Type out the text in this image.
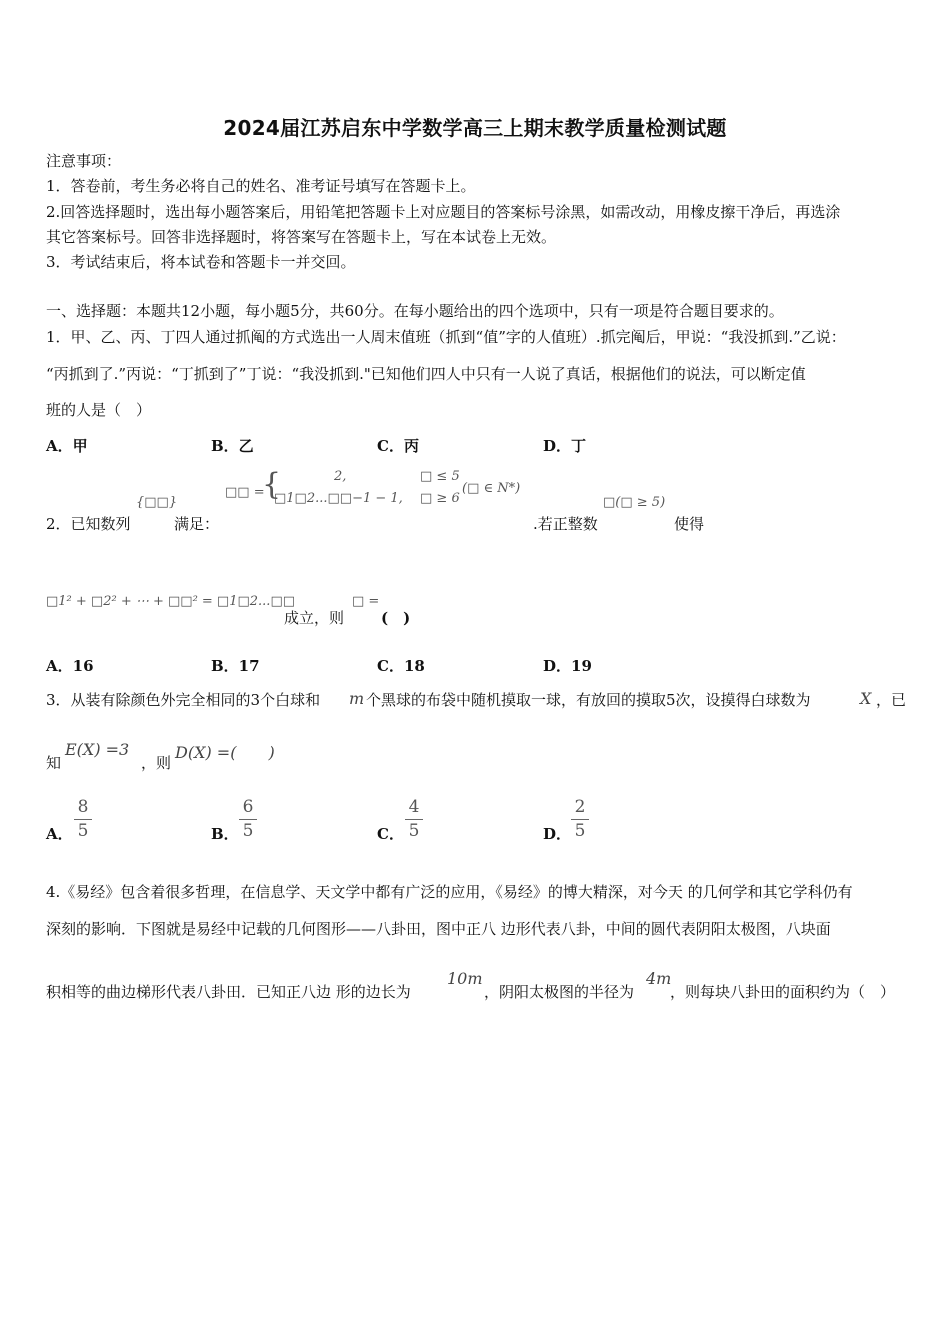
2024届江苏启东中学数学高三上期末教学质量检测试题
注意事项：
1．答卷前，考生务必将自己的姓名、准考证号填写在答题卡上。
2.回答选择题时，选出每小题答案后，用铅笔把答题卡上对应题目的答案标号涂黑，如需改动，用橡皮擦干净后，再选涂
其它答案标号。回答非选择题时，将答案写在答题卡上，写在本试卷上无效。
3．考试结束后，将本试卷和答题卡一并交回。
一、选择题：本题共12小题，每小题5分，共60分。在每小题给出的四个选项中，只有一项是符合题目要求的。
1．甲、乙、丙、丁四人通过抓阄的方式选出一人周末值班（抓到“值”字的人值班）.抓完阄后，甲说：“我没抓到.”乙说：
“丙抓到了.”丙说：“丁抓到了”丁说：“我没抓到."已知他们四人中只有一人说了真话，根据他们的说法，可以断定值
班的人是（　）
A．甲	B．乙	C．丙	D．丁
2．已知数列
{□□}
满足：
□□ =
{	2,
□1□2...□□−1 − 1,
□ ≤ 5
□ ≥ 6
(□ ∈ N*)
.若正整数
□(□ ≥ 5)
使得
□1² + □2² + ⋯ + □□² = □1□2...□□
成立，则
□ =
(　)
A．16	B．17	C．18	D．19
3．从装有除颜色外完全相同的3个白球和 m 个黑球的布袋中随机摸取一球，有放回的摸取5次，设摸得白球数为	X ，已
知
E(X) =3
，则
D(X) =(　　)
A．
8
5	B．
6
5	C．
4
5	D．
2
5
4.《易经》包含着很多哲理，在信息学、天文学中都有广泛的应用，《易经》的博大精深，对今天 的几何学和其它学科仍有
深刻的影响．下图就是易经中记载的几何图形——八卦田，图中正八 边形代表八卦，中间的圆代表阴阳太极图，八块面
积相等的曲边梯形代表八卦田．已知正八边 形的边长为
10m
，阴阳太极图的半径为
4m
，则每块八卦田的面积约为（　）
